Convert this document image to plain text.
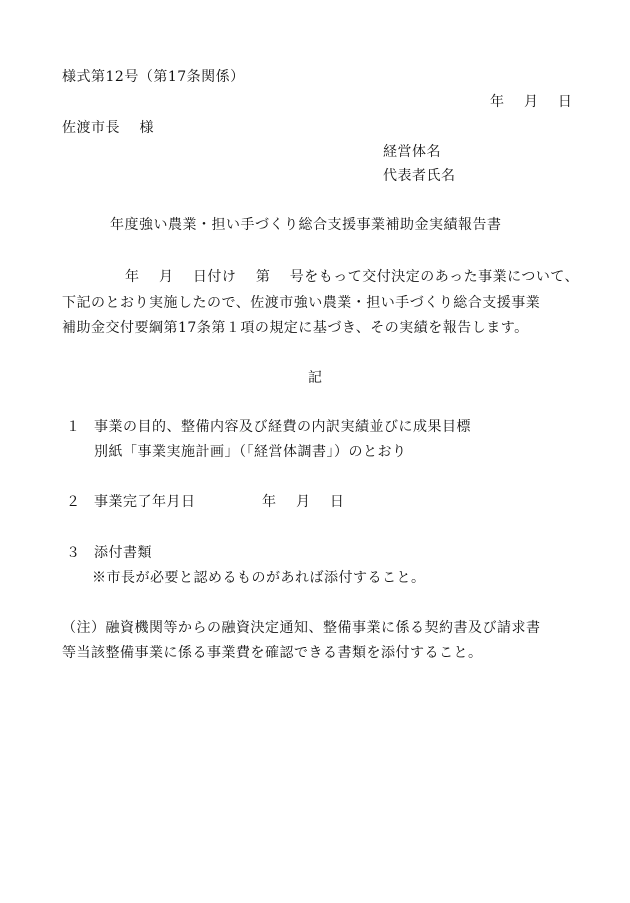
様式第12号（第17条関係）
年　 月　 日
佐渡市長　 様
経営体名
代表者氏名
年度強い農業・担い手づくり総合支援事業補助金実績報告書
年　 月　 日付け　 第　 号をもって交付決定のあった事業について、
下記のとおり実施したので、佐渡市強い農業・担い手づくり総合支援事業
補助金交付要綱第17条第１項の規定に基づき、その実績を報告します。
記
１ 事業の目的、整備内容及び経費の内訳実績並びに成果目標
別紙「事業実施計画」（「経営体調書」）のとおり
２ 事業完了年月日	年　 月　 日
３ 添付書類
※市長が必要と認めるものがあれば添付すること。
（注）融資機関等からの融資決定通知、整備事業に係る契約書及び請求書
等当該整備事業に係る事業費を確認できる書類を添付すること。
